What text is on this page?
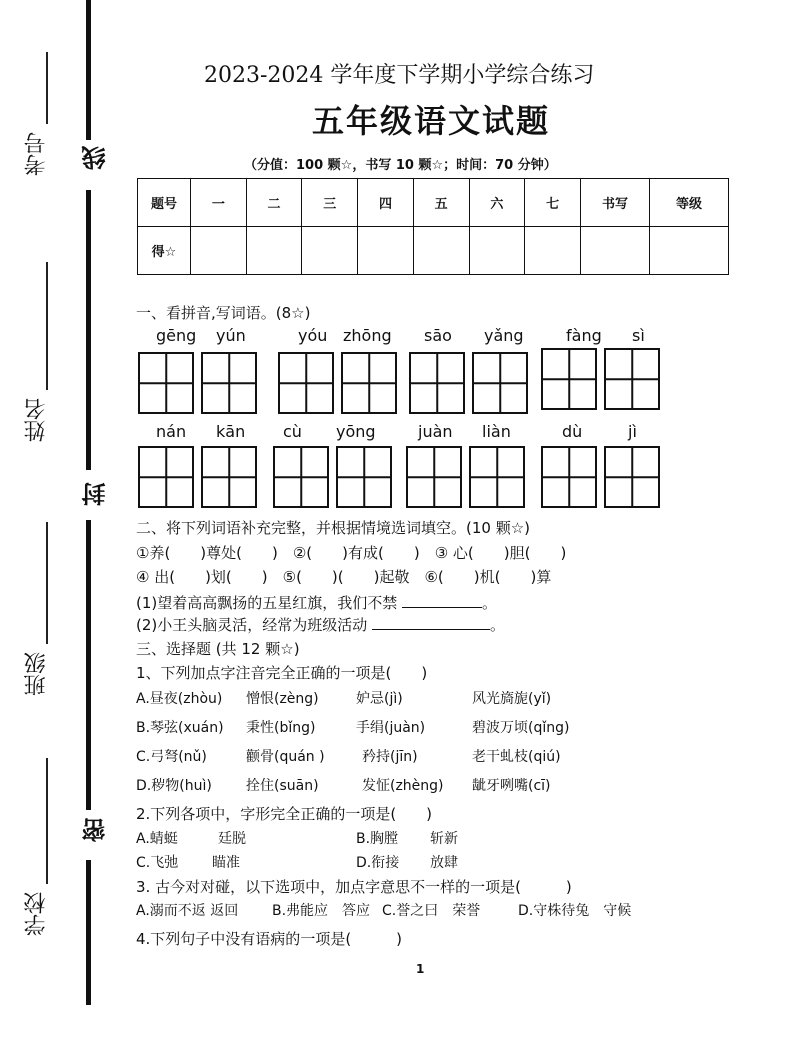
线
封
密
考号
姓名
班级
学校
2023-2024 学年度下学期小学综合练习
五年级语文试题
（分值：100 颗☆，书写 10 颗☆；时间：70 分钟）
题号	一	二	三	四	五	六	七	书写	等级
得☆									
一、看拼音,写词语。(8☆)
gēng yún	yóu zhōng sāo yǎng	fàng sì
nán kān cù yōng	juàn liàn	dù	jì
二、将下列词语补充完整，并根据情境选词填空。(10 颗☆)
①养(　　)尊处(　　)　②(　　)有成(　　)　③ 心(　　)胆(　　)
④ 出(　　)划(　　)　⑤(　　)(　　)起敬　⑥(　　)机(　　)算
(1)望着高高飘扬的五星红旗，我们不禁	。
(2)小王头脑灵活，经常为班级活动	。
三、选择题 (共 12 颗☆)
1、下列加点字注音完全正确的一项是(　　)
A.昼夜(zhòu) 憎恨(zèng)	妒忌(jì)	风光旖旎(yǐ)
B.琴弦(xuán) 秉性(bǐng)	手绢(juàn)	碧波万顷(qǐng)
C.弓弩(nǔ)	颧骨(quán )	矜持(jīn)	老干虬枝(qiú)
D.秽物(huì) 拴住(suān)	发怔(zhèng) 龇牙咧嘴(cī)
2.下列各项中，字形完全正确的一项是(　　)
A.蜻蜓	廷脱	B.胸膛 斩新
C.飞弛 瞄准	D.衔接 放肆
3. 古今对对碰，以下选项中，加点字意思不一样的一项是(　　　)
A.溺而不返 返回 B.弗能应　答应 C.誉之曰　荣誉	D.守株待兔　守候
4.下列句子中没有语病的一项是(　　　)
1
